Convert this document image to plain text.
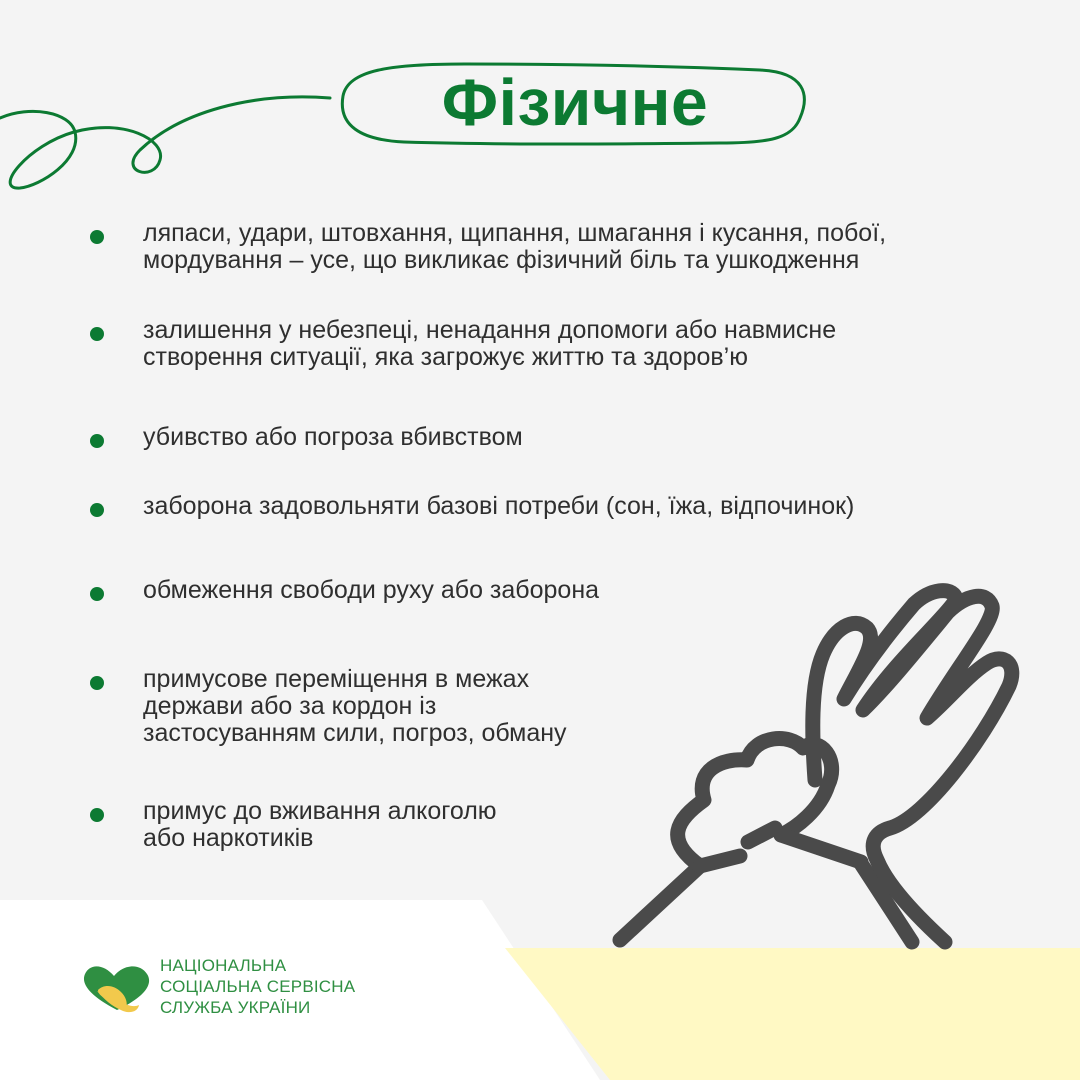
Фізичне
ляпаси, удари, штовхання, щипання, шмагання і кусання, побої,
мордування – усе, що викликає фізичний біль та ушкодження
залишення у небезпеці, ненадання допомоги або навмисне
створення ситуації, яка загрожує життю та здоров’ю
убивство або погроза вбивством
заборона задовольняти базові потреби (сон, їжа, відпочинок)
обмеження свободи руху або заборона
примусове переміщення в межах
держави або за кордон із
застосуванням сили, погроз, обману
примус до вживання алкоголю
або наркотиків
НАЦІОНАЛЬНА
СОЦІАЛЬНА СЕРВІСНА
СЛУЖБА УКРАЇНИ
